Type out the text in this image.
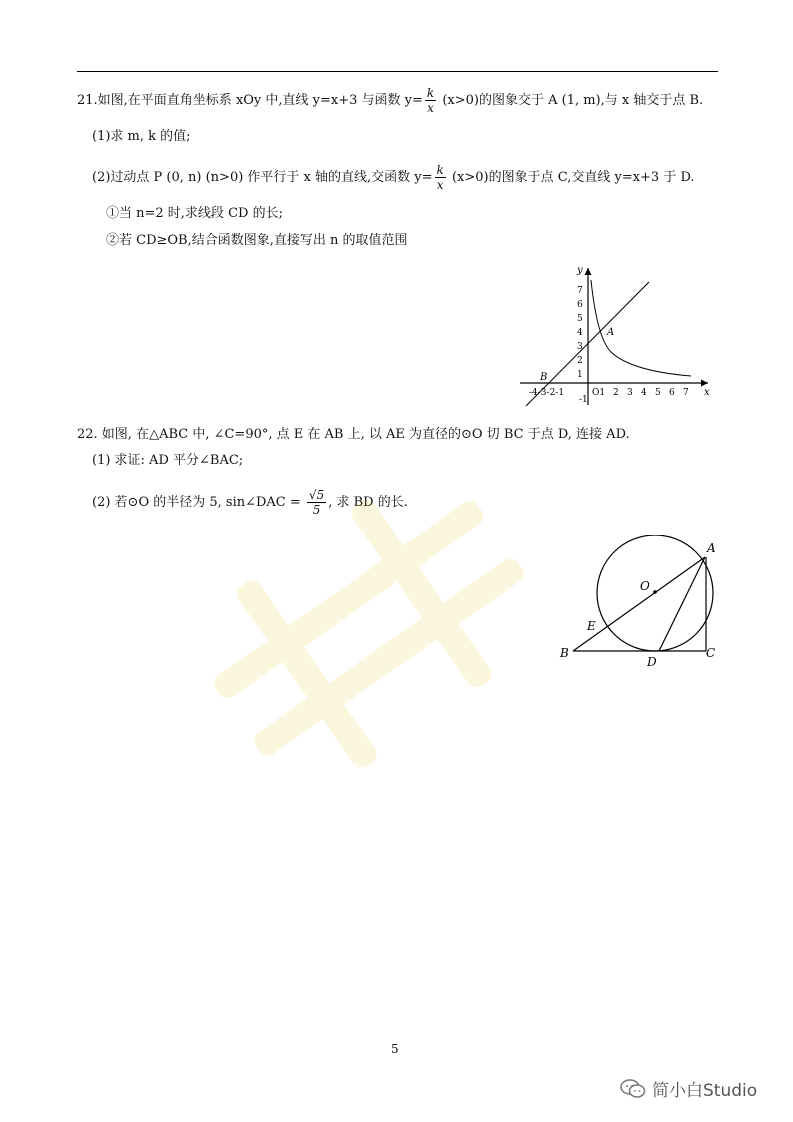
21.如图,在平面直角坐标系 xOy 中,直线 y=x+3 与函数 $y= \frac{k}{x} (x>0)$的图象交于 A (1, m),与 x 轴交于点 B.
(1)求 m, k 的值;
(2)过动点 P (0, n) (n>0) 作平行于 x 轴的直线,交函数 $y= \frac{k}{x} (x>0)$的图象于点 C,交直线 y=x+3 于 D.
①当 n=2 时,求线段 CD 的长;
②若 CD≥OB,结合函数图象,直接写出 n 的取值范围
y
x
A
B
7
6
5
4
3
2
1
-1
-4-3-2-1	O1 2 3 4 5 6 7
22. 如图, 在△ABC 中, ∠C=90°, 点 E 在 AB 上, 以 AE 为直径的⊙O 切 BC 于点 D, 连接 AD.
(1) 求证: AD 平分∠BAC;
(2) 若⊙O 的半径为 5, sin∠DAC = $\frac{√5}{5}$ , 求 BD 的长.
A
O
E
B
D
C
5
简小白Studio
